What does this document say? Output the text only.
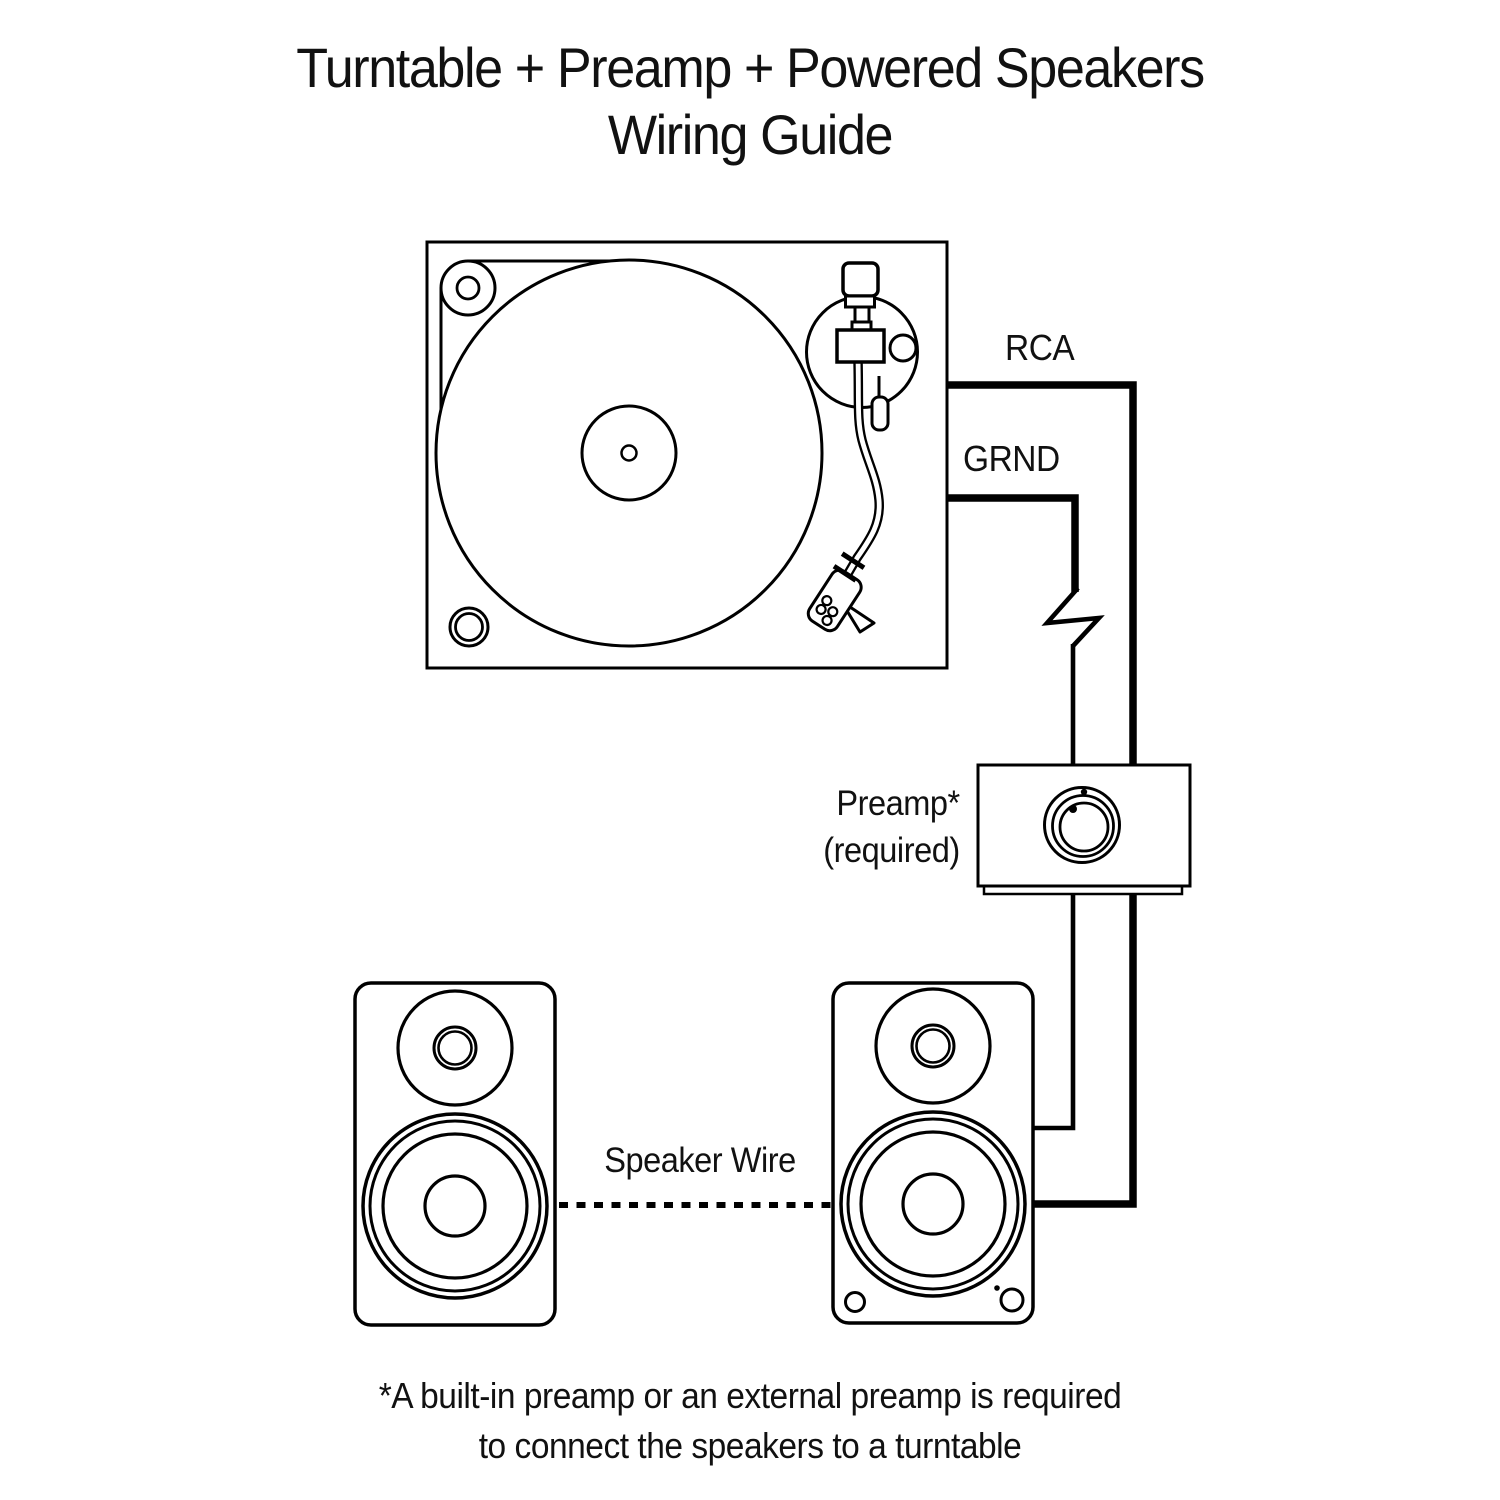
Turntable + Preamp + Powered Speakers
Wiring Guide
RCA
GRND
Preamp*
(required)
Speaker Wire
*A built-in preamp or an external preamp is required
to connect the speakers to a turntable
